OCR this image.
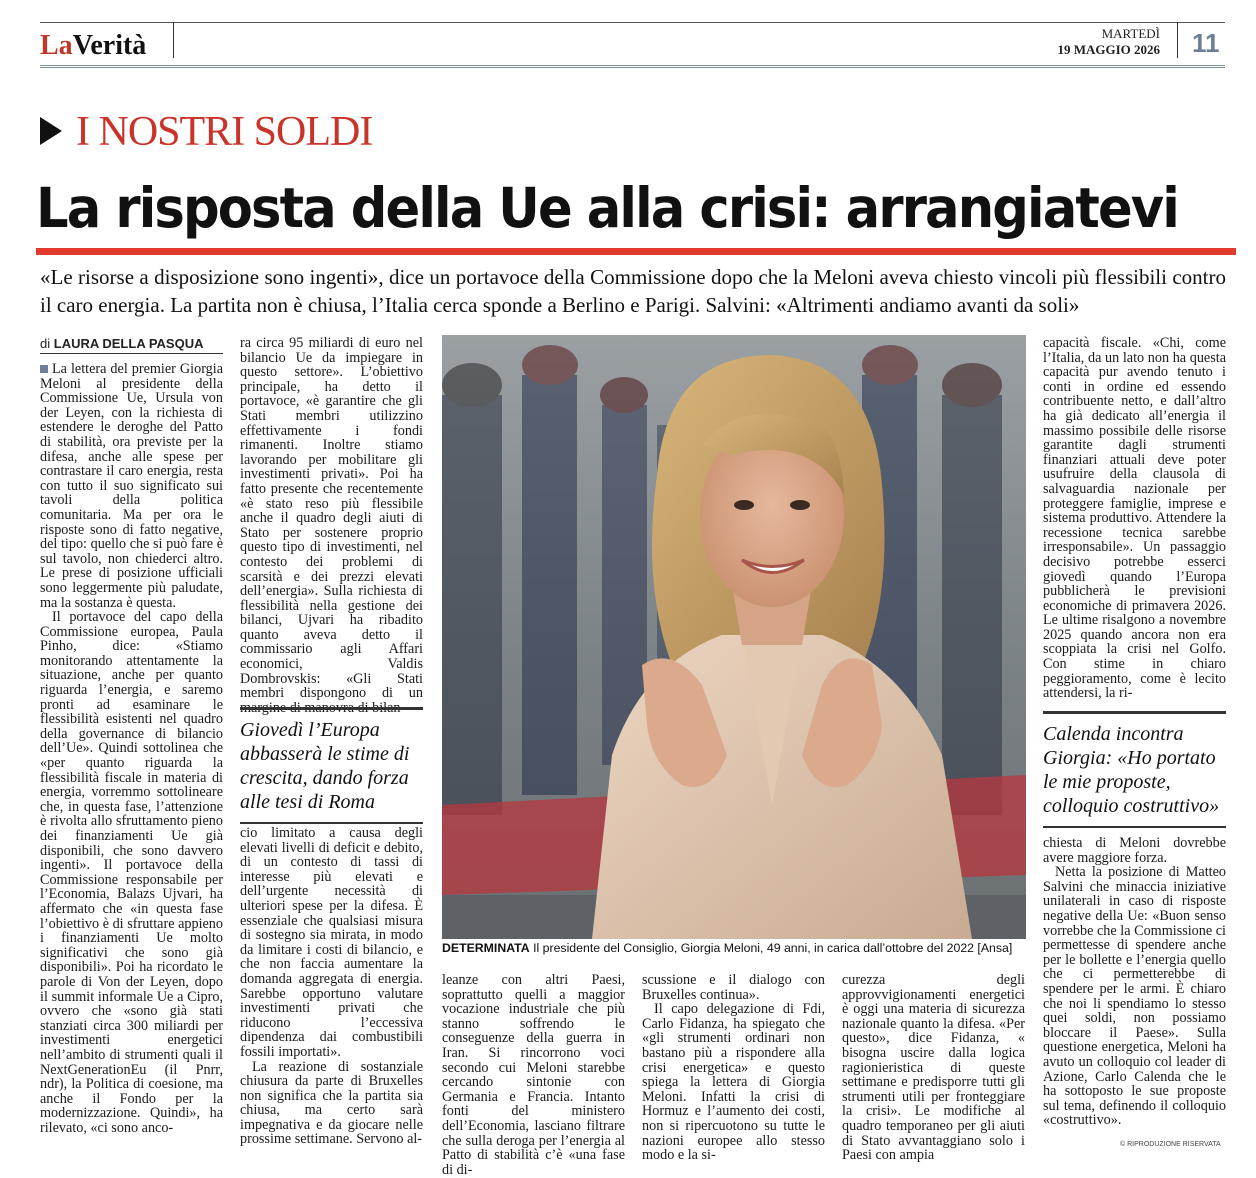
LaVerità	MARTEDÌ
19 MAGGIO 2026 11
I NOSTRI SOLDI
La risposta della Ue alla crisi: arrangiatevi
«Le risorse a disposizione sono ingenti», dice un portavoce della Commissione dopo che la Meloni aveva chiesto vincoli più flessibili contro il caro energia. La partita non è chiusa, l’Italia cerca sponde a Berlino e Parigi. Salvini: «Altrimenti andiamo avanti da soli»
di LAURA DELLA PASQUA

La lettera del premier Giorgia Meloni al presidente della Commissione Ue, Ursula von der Leyen, con la richiesta di estendere le deroghe del Patto di stabilità, ora previste per la difesa, anche alle spese per contrastare il caro energia, resta con tutto il suo significato sui tavoli della politica comunitaria. Ma per ora le risposte sono di fatto negative, del tipo: quello che si può fare è sul tavolo, non chiederci altro. Le prese di posizione ufficiali sono leggermente più paludate, ma la sostanza è questa.

Il portavoce del capo della Commissione europea, Paula Pinho, dice: «Stiamo monitorando attentamente la situazione, anche per quanto riguarda l’energia, e saremo pronti ad esaminare le flessibilità esistenti nel quadro della governance di bilancio dell’Ue». Quindi sottolinea che «per quanto riguarda la flessibilità fiscale in materia di energia, vorremmo sottolineare che, in questa fase, l’attenzione è rivolta allo sfruttamento pieno dei finanziamenti Ue già disponibili, che sono davvero ingenti». Il portavoce della Commissione responsabile per l’Economia, Balazs Ujvari, ha affermato che «in questa fase l’obiettivo è di sfruttare appieno i finanziamenti Ue molto significativi che sono già disponibili». Poi ha ricordato le parole di Von der Leyen, dopo il summit informale Ue a Cipro, ovvero che «sono già stati stanziati circa 300 miliardi per investimenti energetici nell’ambito di strumenti quali il NextGenerationEu (il Pnrr, ndr), la Politica di coesione, ma anche il Fondo per la modernizzazione. Quindi», ha rilevato, «ci sono anco-

ra circa 95 miliardi di euro nel bilancio Ue da impiegare in questo settore». L’obiettivo principale, ha detto il portavoce, «è garantire che gli Stati membri utilizzino effettivamente i fondi rimanenti. Inoltre stiamo lavorando per mobilitare gli investimenti privati». Poi ha fatto presente che recentemente «è stato reso più flessibile anche il quadro degli aiuti di Stato per sostenere proprio questo tipo di investimenti, nel contesto dei problemi di scarsità e dei prezzi elevati dell’energia». Sulla richiesta di flessibilità nella gestione dei bilanci, Ujvari ha ribadito quanto aveva detto il commissario agli Affari economici, Valdis Dombrovskis: «Gli Stati membri dispongono di un margine di manovra di bilan-

Giovedì l’Europa abbasserà le stime di crescita, dando forza alle tesi di Roma

cio limitato a causa degli elevati livelli di deficit e debito, di un contesto di tassi di interesse più elevati e dell’urgente necessità di ulteriori spese per la difesa. È essenziale che qualsiasi misura di sostegno sia mirata, in modo da limitare i costi di bilancio, e che non faccia aumentare la domanda aggregata di energia. Sarebbe opportuno valutare investimenti privati che riducono l’eccessiva dipendenza dai combustibili fossili importati».

La reazione di sostanziale chiusura da parte di Bruxelles non significa che la partita sia chiusa, ma certo sarà impegnativa e da giocare nelle prossime settimane. Servono al-

DETERMINATA Il presidente del Consiglio, Giorgia Meloni, 49 anni, in carica dall’ottobre del 2022 [Ansa]

leanze con altri Paesi, soprattutto quelli a maggior vocazione industriale che più stanno soffrendo le conseguenze della guerra in Iran. Si rincorrono voci secondo cui Meloni starebbe cercando sintonie con Germania e Francia. Intanto fonti del ministero dell’Economia, lasciano filtrare che sulla deroga per l’energia al Patto di stabilità c’è «una fase di di-

scussione e il dialogo con Bruxelles continua».

Il capo delegazione di Fdi, Carlo Fidanza, ha spiegato che «gli strumenti ordinari non bastano più a rispondere alla crisi energetica» e questo spiega la lettera di Giorgia Meloni. Infatti la crisi di Hormuz e l’aumento dei costi, non si ripercuotono su tutte le nazioni europee allo stesso modo e la si-

curezza degli approvvigionamenti energetici è oggi una materia di sicurezza nazionale quanto la difesa. «Per questo», dice Fidanza, « bisogna uscire dalla logica ragionieristica di queste settimane e predisporre tutti gli strumenti utili per fronteggiare la crisi». Le modifiche al quadro temporaneo per gli aiuti di Stato avvantaggiano solo i Paesi con ampia

capacità fiscale. «Chi, come l’Italia, da un lato non ha questa capacità pur avendo tenuto i conti in ordine ed essendo contribuente netto, e dall’altro ha già dedicato all’energia il massimo possibile delle risorse garantite dagli strumenti finanziari attuali deve poter usufruire della clausola di salvaguardia nazionale per proteggere famiglie, imprese e sistema produttivo. Attendere la recessione tecnica sarebbe irresponsabile». Un passaggio decisivo potrebbe esserci giovedì quando l’Europa pubblicherà le previsioni economiche di primavera 2026. Le ultime risalgono a novembre 2025 quando ancora non era scoppiata la crisi nel Golfo. Con stime in chiaro peggioramento, come è lecito attendersi, la ri-

Calenda incontra Giorgia: «Ho portato le mie proposte, colloquio costruttivo»

chiesta di Meloni dovrebbe avere maggiore forza.

Netta la posizione di Matteo Salvini che minaccia iniziative unilaterali in caso di risposte negative della Ue: «Buon senso vorrebbe che la Commissione ci permettesse di spendere anche per le bollette e l’energia quello che ci permetterebbe di spendere per le armi. È chiaro che noi li spendiamo lo stesso quei soldi, non possiamo bloccare il Paese». Sulla questione energetica, Meloni ha avuto un colloquio col leader di Azione, Carlo Calenda che le ha sottoposto le sue proposte sul tema, definendo il colloquio «costruttivo».

© RIPRODUZIONE RISERVATA
